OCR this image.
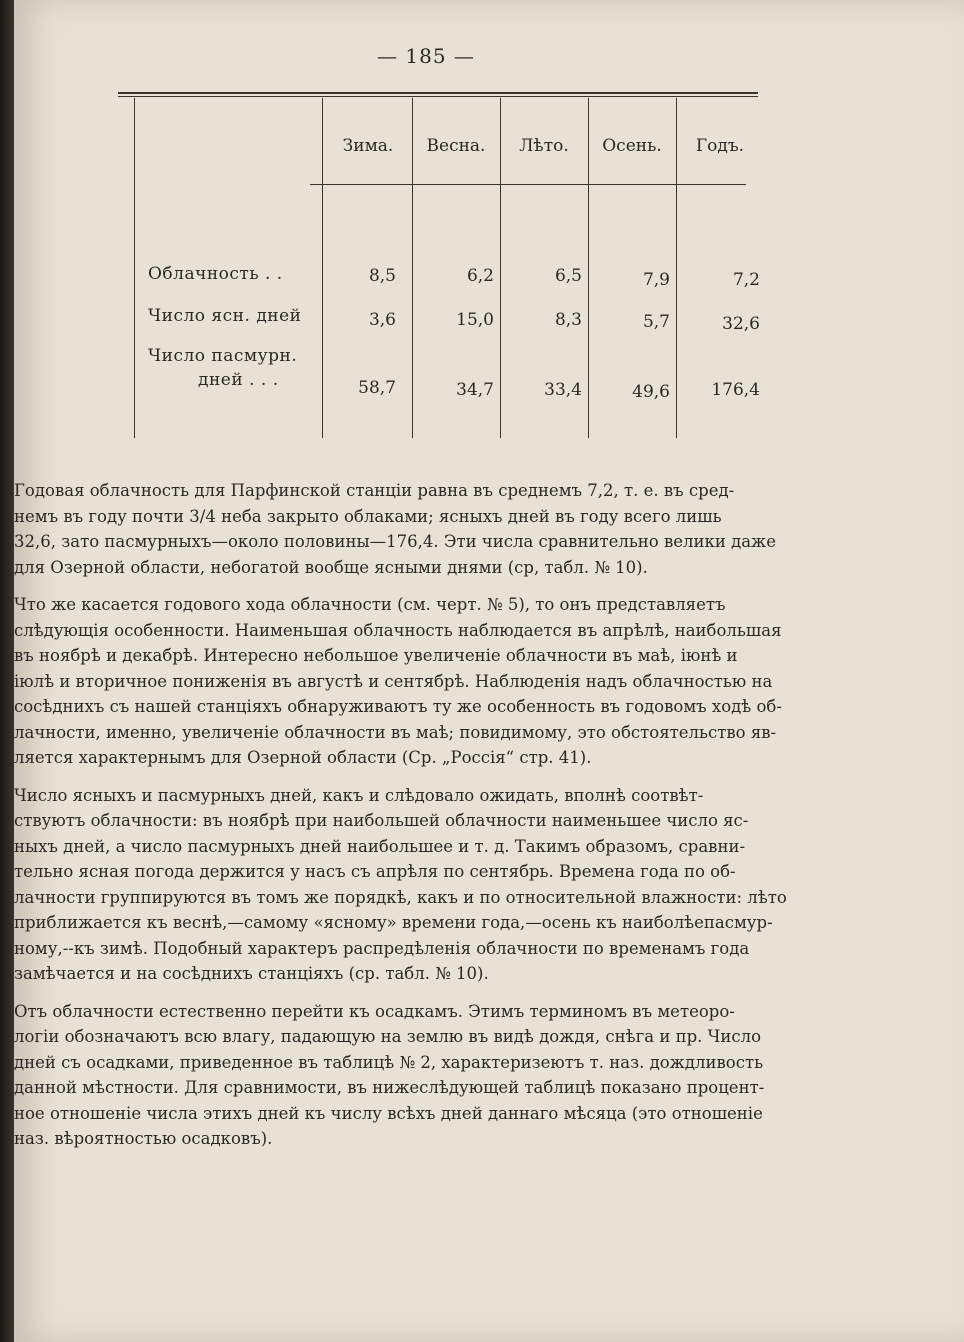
— 185 —
Зима.	Весна.	Лѣто.	Осень.	Годъ.
Облачность . .	8,5	6,2	6,5	7,9	7,2
Число ясн. дней	3,6	15,0	8,3	5,7	32,6
Число пасмурн.
дней . . .	58,7	34,7	33,4	49,6	176,4

Годовая облачность для Парфинской станціи равна въ среднемъ 7,2, т. е. въ сред-

немъ въ году почти 3/4 неба закрыто облаками; ясныхъ дней въ году всего лишь

32,6, зато пасмурныхъ—около половины—176,4. Эти числа сравнительно велики даже

для Озерной области, небогатой вообще ясными днями (ср, табл. № 10).

Что же касается годового хода облачности (см. черт. № 5), то онъ представляетъ

слѣдующія особенности. Наименьшая облачность наблюдается въ апрѣлѣ, наибольшая

въ ноябрѣ и декабрѣ. Интересно небольшое увеличеніе облачности въ маѣ, іюнѣ и

іюлѣ и вторичное пониженія въ августѣ и сентябрѣ. Наблюденія надъ облачностью на

сосѣднихъ съ нашей станціяхъ обнаруживаютъ ту же особенность въ годовомъ ходѣ об-

лачности, именно, увеличеніе облачности въ маѣ; повидимому, это обстоятельство яв-

ляется характернымъ для Озерной области (Ср. „Россія“ стр. 41).

Число ясныхъ и пасмурныхъ дней, какъ и слѣдовало ожидать, вполнѣ соотвѣт-

ствуютъ облачности: въ ноябрѣ при наибольшей облачности наименьшее число яс-

ныхъ дней, а число пасмурныхъ дней наибольшее и т. д. Такимъ образомъ, сравни-

тельно ясная погода держится у насъ съ апрѣля по сентябрь. Времена года по об-

лачности группируются въ томъ же порядкѣ, какъ и по относительной влажности: лѣто

приближается къ веснѣ,—самому «ясному» времени года,—осень къ наиболѣепасмур-

ному,--къ зимѣ. Подобный характеръ распредѣленія облачности по временамъ года

замѣчается и на сосѣднихъ станціяхъ (ср. табл. № 10).

Отъ облачности естественно перейти къ осадкамъ. Этимъ терминомъ въ метеоро-

логіи обозначаютъ всю влагу, падающую на землю въ видѣ дождя, снѣга и пр. Число

дней съ осадками, приведенное въ таблицѣ № 2, характеризеютъ т. наз. дождливость

данной мѣстности. Для сравнимости, въ нижеслѣдующей таблицѣ показано процент-

ное отношеніе числа этихъ дней къ числу всѣхъ дней даннаго мѣсяца (это отношеніе

наз. вѣроятностью осадковъ).
